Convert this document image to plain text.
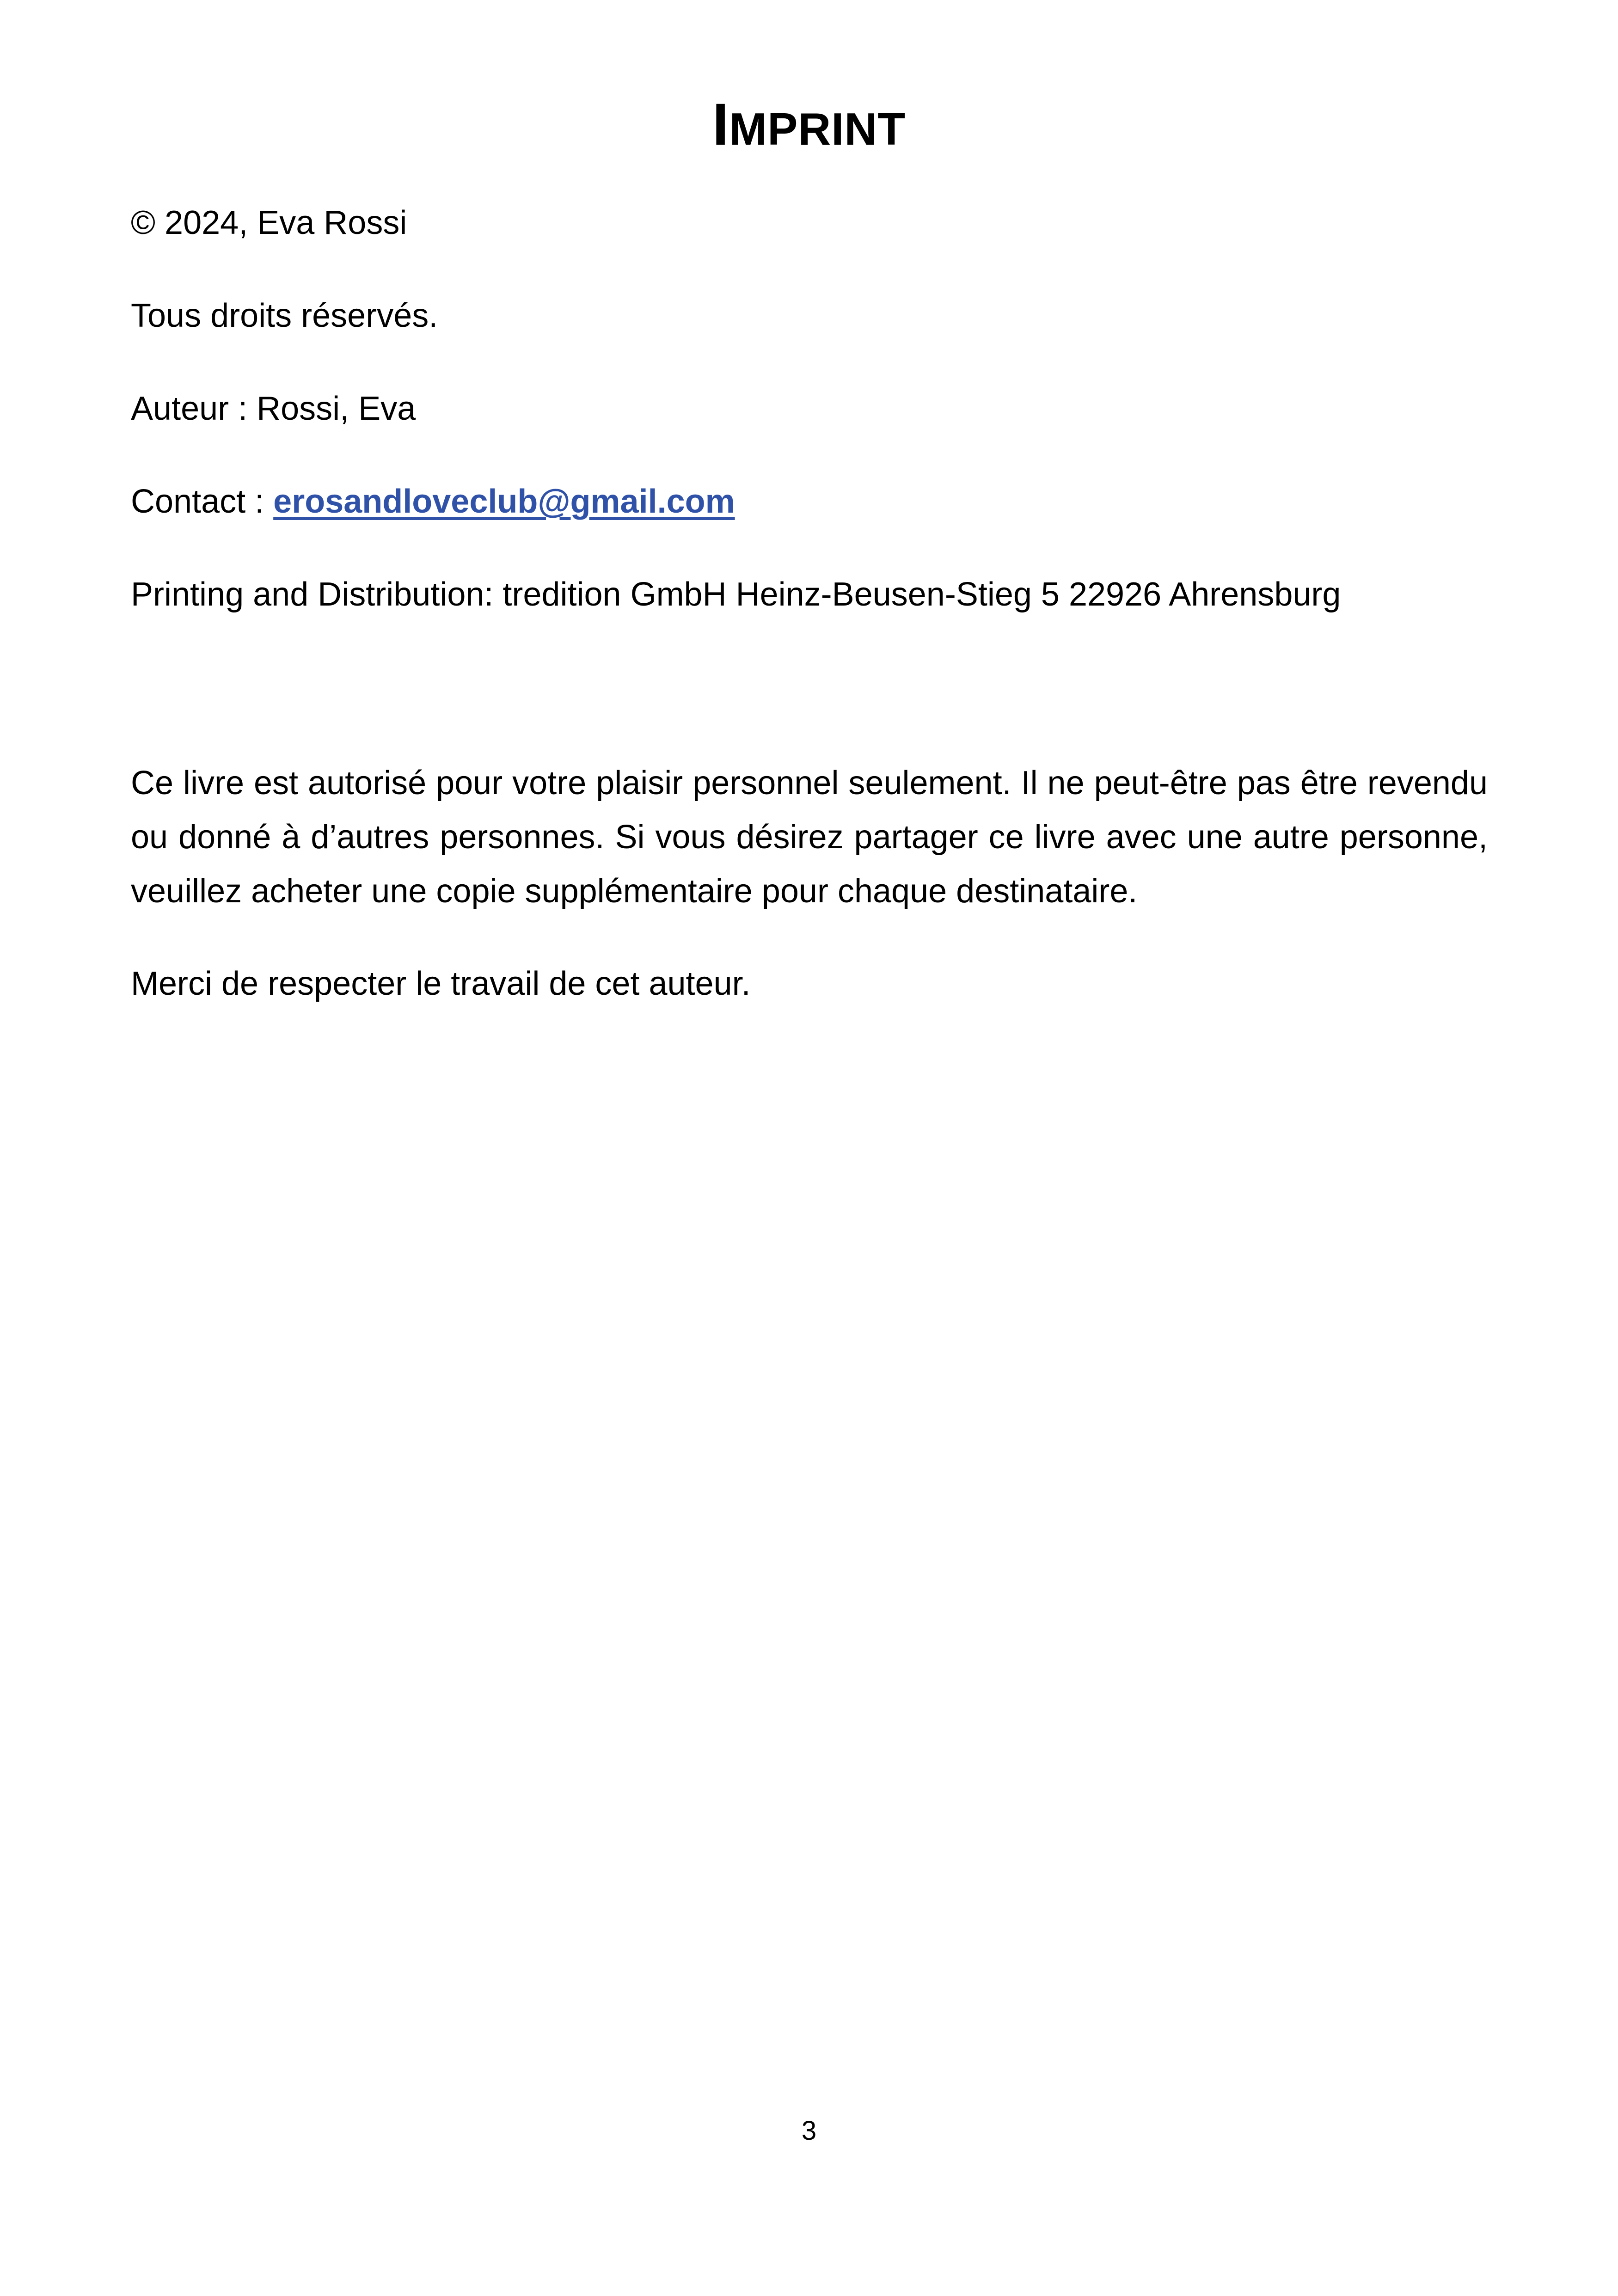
IMPRINT

© 2024, Eva Rossi

Tous droits réservés.

Auteur : Rossi, Eva

Contact : erosandloveclub@gmail.com

Printing and Distribution: tredition GmbH Heinz-Beusen-Stieg 5 22926 Ahrensburg

Ce livre est autorisé pour votre plaisir personnel seulement. Il ne peut-être pas être revendu ou donné à d’autres personnes. Si vous désirez partager ce livre avec une autre personne, veuillez acheter une copie supplémentaire pour chaque destinataire.

Merci de respecter le travail de cet auteur.

3
